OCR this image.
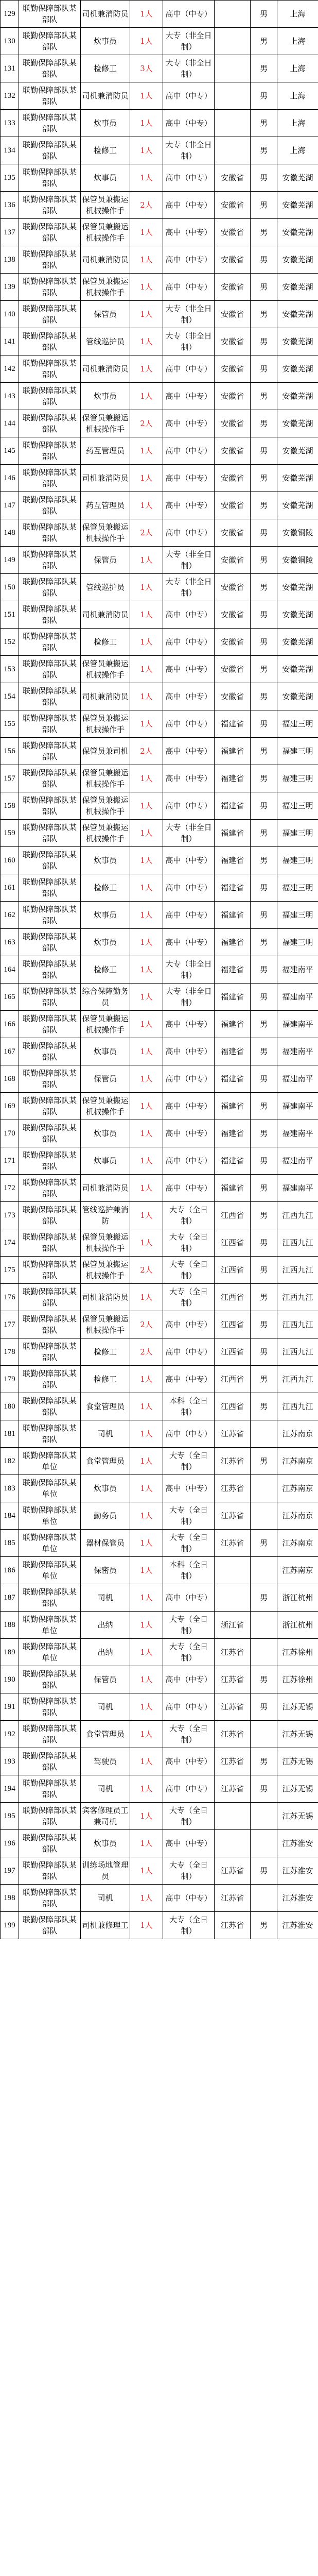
129	联勤保障部队某部队	司机兼消防员	1人	高中（中专）		男	上海
130	联勤保障部队某部队	炊事员	1人	大专（非全日制）		男	上海
131	联勤保障部队某部队	检修工	3人	大专（非全日制）		男	上海
132	联勤保障部队某部队	司机兼消防员	1人	高中（中专）		男	上海
133	联勤保障部队某部队	炊事员	1人	高中（中专）		男	上海
134	联勤保障部队某部队	检修工	1人	大专（非全日制）		男	上海
135	联勤保障部队某部队	炊事员	1人	高中（中专）	安徽省	男	安徽芜湖
136	联勤保障部队某部队	保管员兼搬运机械操作手	2人	高中（中专）	安徽省	男	安徽芜湖
137	联勤保障部队某部队	保管员兼搬运机械操作手	1人	高中（中专）	安徽省	男	安徽芜湖
138	联勤保障部队某部队	司机兼消防员	1人	高中（中专）	安徽省	男	安徽芜湖
139	联勤保障部队某部队	保管员兼搬运机械操作手	1人	高中（中专）	安徽省	男	安徽芜湖
140	联勤保障部队某部队	保管员	1人	大专（非全日制）	安徽省	男	安徽芜湖
141	联勤保障部队某部队	管线巡护员	1人	大专（非全日制）	安徽省	男	安徽芜湖
142	联勤保障部队某部队	司机兼消防员	1人	高中（中专）	安徽省	男	安徽芜湖
143	联勤保障部队某部队	炊事员	1人	高中（中专）	安徽省	男	安徽芜湖
144	联勤保障部队某部队	保管员兼搬运机械操作手	2人	高中（中专）	安徽省	男	安徽芜湖
145	联勤保障部队某部队	药互管理员	1人	高中（中专）	安徽省	男	安徽芜湖
146	联勤保障部队某部队	司机兼消防员	1人	高中（中专）	安徽省	男	安徽芜湖
147	联勤保障部队某部队	药互管理员	1人	高中（中专）	安徽省	男	安徽芜湖
148	联勤保障部队某部队	保管员兼搬运机械操作手	2人	高中（中专）	安徽省	男	安徽铜陵
149	联勤保障部队某部队	保管员	1人	大专（非全日制）	安徽省	男	安徽铜陵
150	联勤保障部队某部队	管线巡护员	1人	大专（非全日制）	安徽省	男	安徽芜湖
151	联勤保障部队某部队	司机兼消防员	1人	高中（中专）	安徽省	男	安徽芜湖
152	联勤保障部队某部队	检修工	1人	高中（中专）	安徽省	男	安徽芜湖
153	联勤保障部队某部队	保管员兼搬运机械操作手	1人	高中（中专）	安徽省	男	安徽芜湖
154	联勤保障部队某部队	司机兼消防员	1人	高中（中专）	安徽省	男	安徽芜湖
155	联勤保障部队某部队	保管员兼搬运机械操作手	1人	高中（中专）	福建省	男	福建三明
156	联勤保障部队某部队	保管员兼司机	2人	高中（中专）	福建省	男	福建三明
157	联勤保障部队某部队	保管员兼搬运机械操作手	1人	高中（中专）	福建省	男	福建三明
158	联勤保障部队某部队	保管员兼搬运机械操作手	1人	高中（中专）	福建省	男	福建三明
159	联勤保障部队某部队	保管员兼搬运机械操作手	1人	大专（非全日制）	福建省	男	福建三明
160	联勤保障部队某部队	炊事员	1人	高中（中专）	福建省	男	福建三明
161	联勤保障部队某部队	检修工	1人	高中（中专）	福建省	男	福建三明
162	联勤保障部队某部队	炊事员	1人	高中（中专）	福建省	男	福建三明
163	联勤保障部队某部队	炊事员	1人	高中（中专）	福建省	男	福建三明
164	联勤保障部队某部队	检修工	1人	大专（非全日制）	福建省	男	福建南平
165	联勤保障部队某部队	综合保障勤务员	1人	大专（非全日制）	福建省	男	福建南平
166	联勤保障部队某部队	保管员兼搬运机械操作手	1人	高中（中专）	福建省	男	福建南平
167	联勤保障部队某部队	炊事员	1人	高中（中专）	福建省	男	福建南平
168	联勤保障部队某部队	保管员	1人	高中（中专）	福建省	男	福建南平
169	联勤保障部队某部队	保管员兼搬运机械操作手	1人	高中（中专）	福建省	男	福建南平
170	联勤保障部队某部队	炊事员	1人	高中（中专）	福建省	男	福建南平
171	联勤保障部队某部队	炊事员	1人	高中（中专）	福建省	男	福建南平
172	联勤保障部队某部队	司机兼消防员	1人	高中（中专）	福建省	男	福建南平
173	联勤保障部队某部队	管线巡护兼消防	1人	大专（全日制）	江西省	男	江西九江
174	联勤保障部队某部队	保管员兼搬运机械操作手	1人	大专（全日制）	江西省	男	江西九江
175	联勤保障部队某部队	保管员兼搬运机械操作手	2人	大专（全日制）	江西省	男	江西九江
176	联勤保障部队某部队	司机兼消防员	1人	大专（全日制）	江西省	男	江西九江
177	联勤保障部队某部队	保管员兼搬运机械操作手	2人	高中（中专）	江西省	男	江西九江
178	联勤保障部队某部队	检修工	2人	高中（中专）	江西省	男	江西九江
179	联勤保障部队某部队	检修工	1人	高中（中专）	江西省	男	江西九江
180	联勤保障部队某部队	食堂管理员	1人	本科（全日制）	江西省	男	江西九江
181	联勤保障部队某部队	司机	1人	高中（中专）	江苏省		江苏南京
182	联勤保障部队某单位	食堂管理员	1人	大专（全日制）	江苏省	男	江苏南京
183	联勤保障部队某单位	炊事员	1人	高中（中专）	江苏省		江苏南京
184	联勤保障部队某单位	勤务员	1人	大专（全日制）	江苏省		江苏南京
185	联勤保障部队某单位	器材保管员	1人	大专（全日制）	江苏省	男	江苏南京
186	联勤保障部队某单位	保密员	1人	本科（全日制）			江苏南京
187	联勤保障部队某部队	司机	1人	高中（中专）		男	浙江杭州
188	联勤保障部队某单位	出纳	1人	大专（全日制）	浙江省		浙江杭州
189	联勤保障部队某单位	出纳	1人	大专（全日制）	江苏省		江苏徐州
190	联勤保障部队某部队	保管员	1人	高中（中专）	江苏省	男	江苏徐州
191	联勤保障部队某部队	司机	1人	高中（中专）	江苏省	男	江苏无锡
192	联勤保障部队某部队	食堂管理员	1人	大专（全日制）	江苏省		江苏无锡
193	联勤保障部队某部队	驾驶员	1人	高中（中专）	江苏省	男	江苏无锡
194	联勤保障部队某部队	司机	1人	高中（中专）	江苏省	男	江苏无锡
195	联勤保障部队某部队	宾客修理员工兼司机	1人	大专（全日制）			江苏无锡
196	联勤保障部队某部队	炊事员	1人	高中（中专）			江苏淮安
197	联勤保障部队某部队	训练场地管理员	1人	大专（全日制）	江苏省	男	江苏淮安
198	联勤保障部队某部队	司机	1人	高中（中专）	江苏省		江苏淮安
199	联勤保障部队某部队	司机兼修理工	1人	大专（全日制）	江苏省	男	江苏淮安
